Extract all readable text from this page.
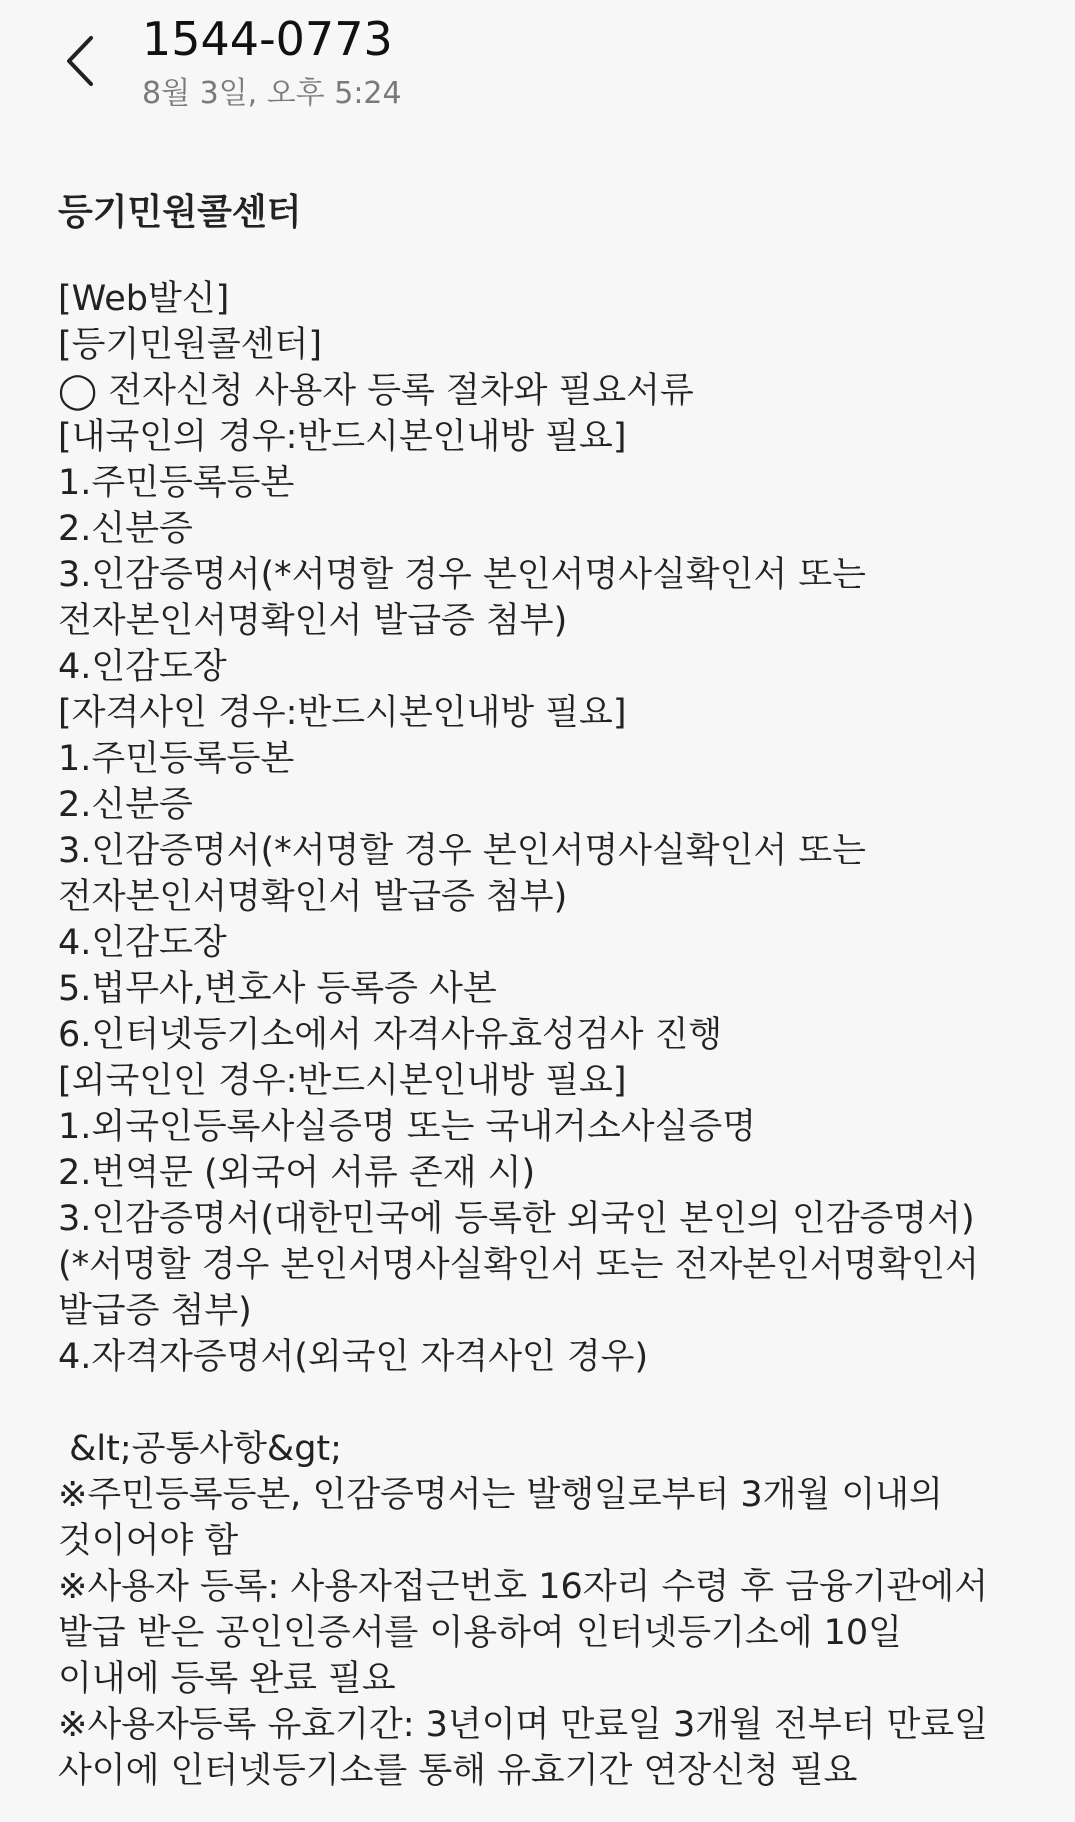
1544-0773
8월 3일, 오후 5:24
등기민원콜센터
[Web발신]
[등기민원콜센터]
◯ 전자신청 사용자 등록 절차와 필요서류
[내국인의 경우:반드시본인내방 필요]
1.주민등록등본
2.신분증
3.인감증명서(*서명할 경우 본인서명사실확인서 또는
전자본인서명확인서 발급증 첨부)
4.인감도장
[자격사인 경우:반드시본인내방 필요]
1.주민등록등본
2.신분증
3.인감증명서(*서명할 경우 본인서명사실확인서 또는
전자본인서명확인서 발급증 첨부)
4.인감도장
5.법무사,변호사 등록증 사본
6.인터넷등기소에서 자격사유효성검사 진행
[외국인인 경우:반드시본인내방 필요]
1.외국인등록사실증명 또는 국내거소사실증명
2.번역문 (외국어 서류 존재 시)
3.인감증명서(대한민국에 등록한 외국인 본인의 인감증명서)
(*서명할 경우 본인서명사실확인서 또는 전자본인서명확인서
발급증 첨부)
4.자격자증명서(외국인 자격사인 경우)
&lt;공통사항&gt;
※주민등록등본, 인감증명서는 발행일로부터 3개월 이내의
것이어야 함
※사용자 등록: 사용자접근번호 16자리 수령 후 금융기관에서
발급 받은 공인인증서를 이용하여 인터넷등기소에 10일
이내에 등록 완료 필요
※사용자등록 유효기간: 3년이며 만료일 3개월 전부터 만료일
사이에 인터넷등기소를 통해 유효기간 연장신청 필요
